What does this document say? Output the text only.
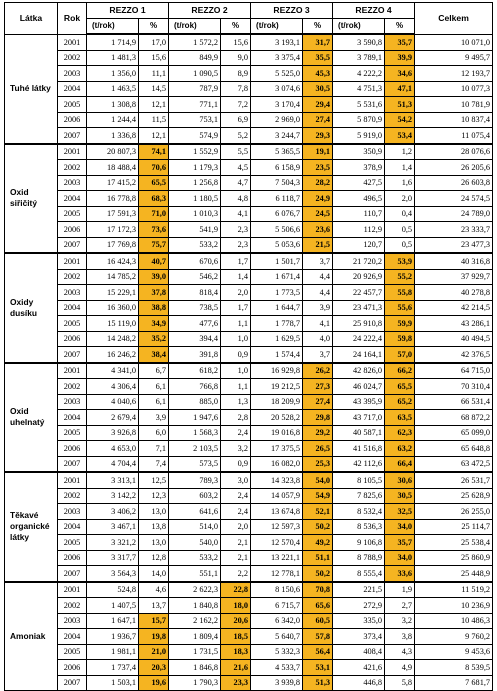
Látka	Rok	REZZO 1		REZZO 2		REZZO 3		REZZO 4		Celkem
		(t/rok)	%	(t/rok)	%	(t/rok)	%	(t/rok)	%	
Tuhé látky	2001	1 714,9	17,0	1 572,2	15,6	3 193,1	31,7	3 590,8	35,7	10 071,0
	2002	1 481,3	15,6	849,9	9,0	3 375,4	35,5	3 789,1	39,9	9 495,7
	2003	1 356,0	11,1	1 090,5	8,9	5 525,0	45,3	4 222,2	34,6	12 193,7
	2004	1 463,5	14,5	787,9	7,8	3 074,6	30,5	4 751,3	47,1	10 077,3
	2005	1 308,8	12,1	771,1	7,2	3 170,4	29,4	5 531,6	51,3	10 781,9
	2006	1 244,4	11,5	753,1	6,9	2 969,0	27,4	5 870,9	54,2	10 837,4
	2007	1 336,8	12,1	574,9	5,2	3 244,7	29,3	5 919,0	53,4	11 075,4
Oxid siřičitý	2001	20 807,3	74,1	1 552,9	5,5	5 365,5	19,1	350,9	1,2	28 076,6
	2002	18 488,4	70,6	1 179,3	4,5	6 158,9	23,5	378,9	1,4	26 205,6
	2003	17 415,2	65,5	1 256,8	4,7	7 504,3	28,2	427,5	1,6	26 603,8
	2004	16 778,8	68,3	1 180,5	4,8	6 118,7	24,9	496,5	2,0	24 574,5
	2005	17 591,3	71,0	1 010,3	4,1	6 076,7	24,5	110,7	0,4	24 789,0
	2006	17 172,3	73,6	541,9	2,3	5 506,6	23,6	112,9	0,5	23 333,7
	2007	17 769,8	75,7	533,2	2,3	5 053,6	21,5	120,7	0,5	23 477,3
Oxidy dusíku	2001	16 424,3	40,7	670,6	1,7	1 501,7	3,7	21 720,2	53,9	40 316,8
	2002	14 785,2	39,0	546,2	1,4	1 671,4	4,4	20 926,9	55,2	37 929,7
	2003	15 229,1	37,8	818,4	2,0	1 773,5	4,4	22 457,7	55,8	40 278,8
	2004	16 360,0	38,8	738,5	1,7	1 644,7	3,9	23 471,3	55,6	42 214,5
	2005	15 119,0	34,9	477,6	1,1	1 778,7	4,1	25 910,8	59,9	43 286,1
	2006	14 248,2	35,2	394,4	1,0	1 629,5	4,0	24 222,4	59,8	40 494,5
	2007	16 246,2	38,4	391,8	0,9	1 574,4	3,7	24 164,1	57,0	42 376,5
Oxid uhelnatý	2001	4 341,0	6,7	618,2	1,0	16 929,8	26,2	42 826,0	66,2	64 715,0
	2002	4 306,4	6,1	766,8	1,1	19 212,5	27,3	46 024,7	65,5	70 310,4
	2003	4 040,6	6,1	885,0	1,3	18 209,9	27,4	43 395,9	65,2	66 531,4
	2004	2 679,4	3,9	1 947,6	2,8	20 528,2	29,8	43 717,0	63,5	68 872,2
	2005	3 926,8	6,0	1 568,3	2,4	19 016,8	29,2	40 587,1	62,3	65 099,0
	2006	4 653,0	7,1	2 103,5	3,2	17 375,5	26,5	41 516,8	63,2	65 648,8
	2007	4 704,4	7,4	573,5	0,9	16 082,0	25,3	42 112,6	66,4	63 472,5
Těkavé organické látky	2001	3 313,1	12,5	789,3	3,0	14 323,8	54,0	8 105,5	30,6	26 531,7
	2002	3 142,2	12,3	603,2	2,4	14 057,9	54,9	7 825,6	30,5	25 628,9
	2003	3 406,2	13,0	641,6	2,4	13 674,8	52,1	8 532,4	32,5	26 255,0
	2004	3 467,1	13,8	514,0	2,0	12 597,3	50,2	8 536,3	34,0	25 114,7
	2005	3 321,2	13,0	540,0	2,1	12 570,4	49,2	9 106,8	35,7	25 538,4
	2006	3 317,7	12,8	533,2	2,1	13 221,1	51,1	8 788,9	34,0	25 860,9
	2007	3 564,3	14,0	551,1	2,2	12 778,1	50,2	8 555,4	33,6	25 448,9
Amoniak	2001	524,8	4,6	2 622,3	22,8	8 150,6	70,8	221,5	1,9	11 519,2
	2002	1 407,5	13,7	1 840,8	18,0	6 715,7	65,6	272,9	2,7	10 236,9
	2003	1 647,1	15,7	2 162,2	20,6	6 342,0	60,5	335,0	3,2	10 486,3
	2004	1 936,7	19,8	1 809,4	18,5	5 640,7	57,8	373,4	3,8	9 760,2
	2005	1 981,1	21,0	1 731,5	18,3	5 332,3	56,4	408,4	4,3	9 453,6
	2006	1 737,4	20,3	1 846,8	21,6	4 533,7	53,1	421,6	4,9	8 539,5
	2007	1 503,1	19,6	1 790,3	23,3	3 939,8	51,3	446,8	5,8	7 681,7
